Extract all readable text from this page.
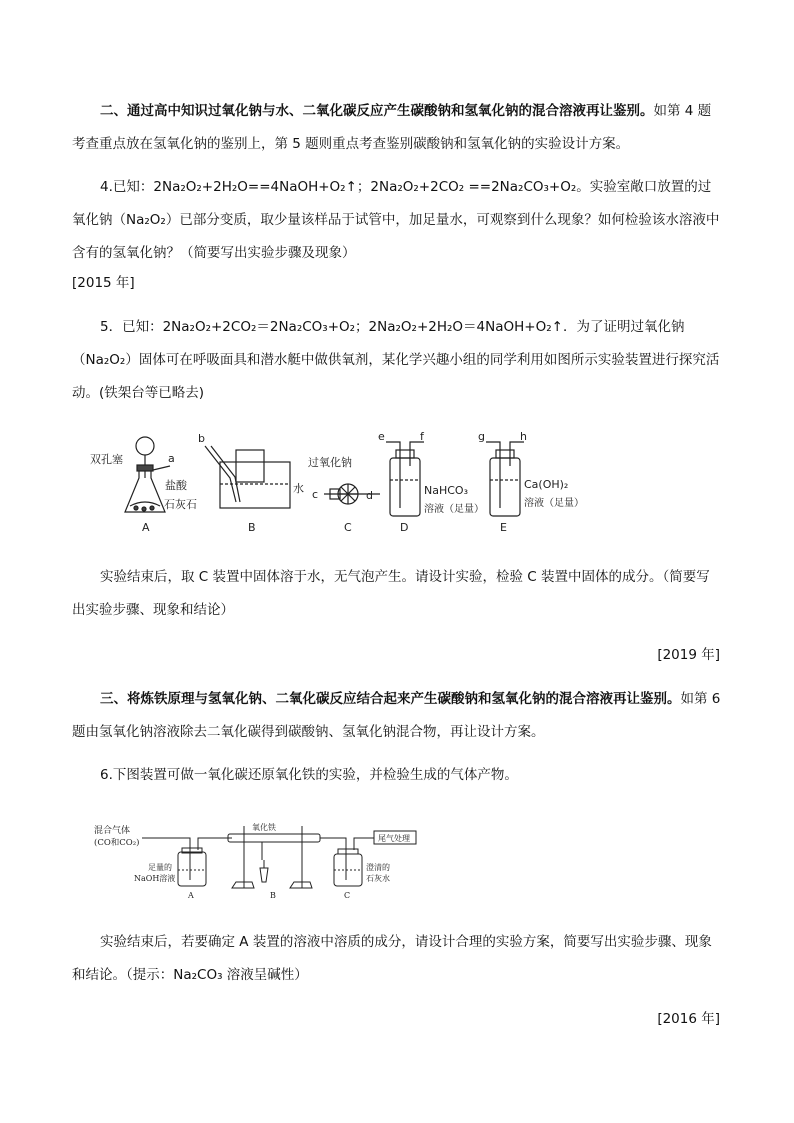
二、通过高中知识过氧化钠与水、二氧化碳反应产生碳酸钠和氢氧化钠的混合溶液再让鉴别。如第 4 题考查重点放在氢氧化钠的鉴别上，第 5 题则重点考查鉴别碳酸钠和氢氧化钠的实验设计方案。

4.已知：2Na₂O₂+2H₂O==4NaOH+O₂↑；2Na₂O₂+2CO₂ ==2Na₂CO₃+O₂。实验室敞口放置的过氧化钠（Na₂O₂）已部分变质，取少量该样品于试管中，加足量水，可观察到什么现象？如何检验该水溶液中含有的氢氧化钠？（简要写出实验步骤及现象）

[2015 年]

5．已知：2Na₂O₂+2CO₂＝2Na₂CO₃+O₂；2Na₂O₂+2H₂O＝4NaOH+O₂↑．为了证明过氧化钠（Na₂O₂）固体可在呼吸面具和潜水艇中做供氧剂，某化学兴趣小组的同学利用如图所示实验装置进行探究活动。(铁架台等已略去)

双孔塞	a
盐酸
石灰石
A
b
水
B
过氧化钠
c	d
C
e	f
NaHCO₃
溶液（足量）
D
g	h
Ca(OH)₂
溶液（足量）
E

实验结束后，取 C 装置中固体溶于水，无气泡产生。请设计实验，检验 C 装置中固体的成分。（简要写出实验步骤、现象和结论）

[2019 年]

三、将炼铁原理与氢氧化钠、二氧化碳反应结合起来产生碳酸钠和氢氧化钠的混合溶液再让鉴别。如第 6 题由氢氧化钠溶液除去二氧化碳得到碳酸钠、氢氧化钠混合物，再让设计方案。

6.下图装置可做一氧化碳还原氧化铁的实验，并检验生成的气体产物。

混合气体
(CO和CO₂)
足量的
NaOH溶液
A
氧化铁
B
尾气处理
澄清的
石灰水
C

实验结束后，若要确定 A 装置的溶液中溶质的成分，请设计合理的实验方案，简要写出实验步骤、现象和结论。（提示：Na₂CO₃ 溶液呈碱性）

[2016 年]
